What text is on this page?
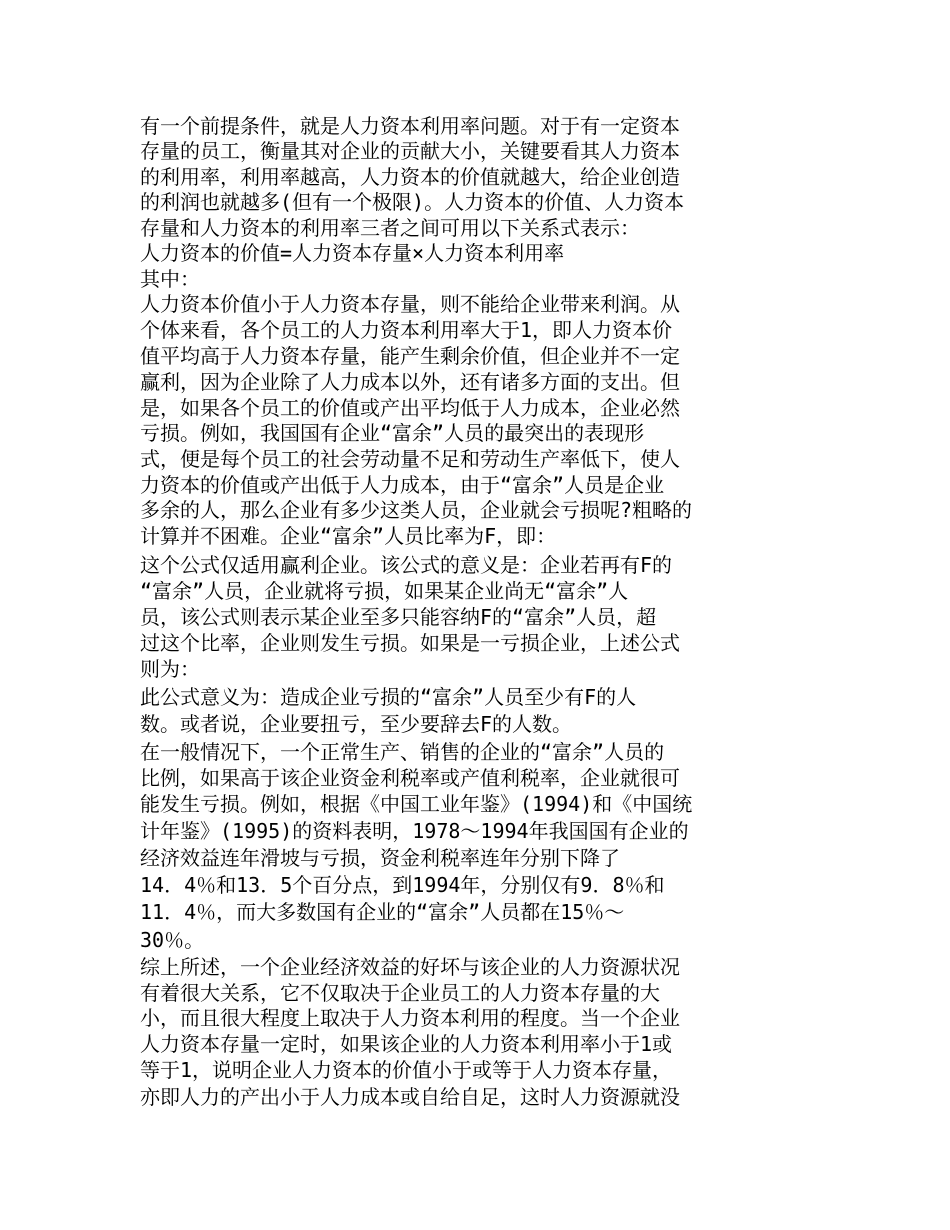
有一个前提条件，就是人力资本利用率问题。对于有一定资本

存量的员工，衡量其对企业的贡献大小，关键要看其人力资本

的利用率，利用率越高，人力资本的价值就越大，给企业创造

的利润也就越多(但有一个极限)。人力资本的价值、人力资本

存量和人力资本的利用率三者之间可用以下关系式表示：

人力资本的价值=人力资本存量×人力资本利用率

其中：

人力资本价值小于人力资本存量，则不能给企业带来利润。从

个体来看，各个员工的人力资本利用率大于1，即人力资本价

值平均高于人力资本存量，能产生剩余价值，但企业并不一定

赢利，因为企业除了人力成本以外，还有诸多方面的支出。但

是，如果各个员工的价值或产出平均低于人力成本，企业必然

亏损。例如，我国国有企业“富余”人员的最突出的表现形

式，便是每个员工的社会劳动量不足和劳动生产率低下，使人

力资本的价值或产出低于人力成本，由于“富余”人员是企业

多余的人，那么企业有多少这类人员，企业就会亏损呢?粗略的

计算并不困难。企业“富余”人员比率为F，即：

这个公式仅适用赢利企业。该公式的意义是：企业若再有F的

“富余”人员，企业就将亏损，如果某企业尚无“富余”人

员，该公式则表示某企业至多只能容纳F的“富余”人员，超

过这个比率，企业则发生亏损。如果是一亏损企业，上述公式

则为：

此公式意义为：造成企业亏损的“富余”人员至少有F的人

数。或者说，企业要扭亏，至少要辞去F的人数。

在一般情况下，一个正常生产、销售的企业的“富余”人员的

比例，如果高于该企业资金利税率或产值利税率，企业就很可

能发生亏损。例如，根据《中国工业年鉴》(1994)和《中国统

计年鉴》(1995)的资料表明，1978～1994年我国国有企业的

经济效益连年滑坡与亏损，资金利税率连年分别下降了

14．4％和13．5个百分点，到1994年，分别仅有9．8％和

11．4％，而大多数国有企业的“富余”人员都在15％～

30％。

综上所述，一个企业经济效益的好坏与该企业的人力资源状况

有着很大关系，它不仅取决于企业员工的人力资本存量的大

小，而且很大程度上取决于人力资本利用的程度。当一个企业

人力资本存量一定时，如果该企业的人力资本利用率小于1或

等于1，说明企业人力资本的价值小于或等于人力资本存量，

亦即人力的产出小于人力成本或自给自足，这时人力资源就没
